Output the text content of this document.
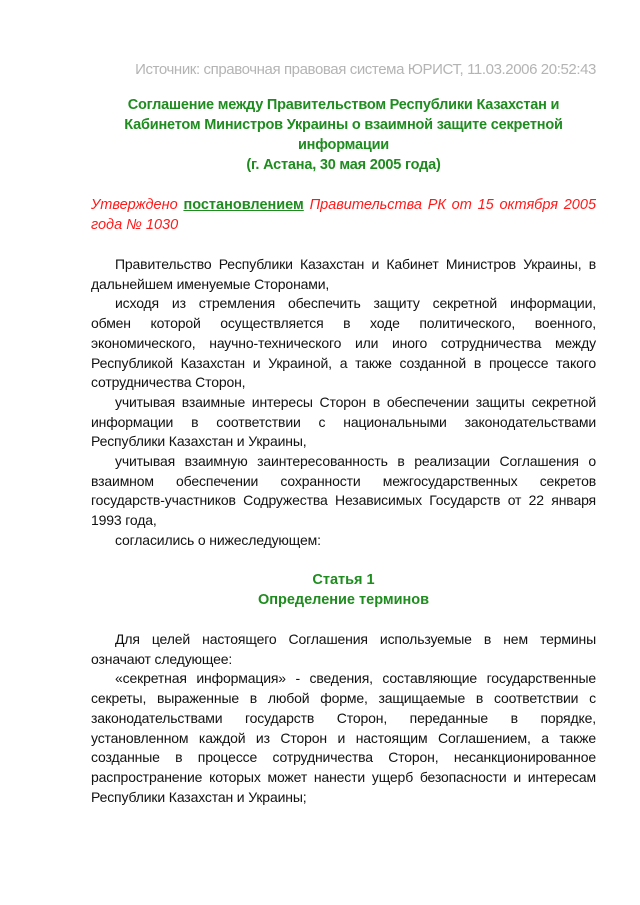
Источник: справочная правовая система ЮРИСТ, 11.03.2006 20:52:43
Соглашение между Правительством Республики Казахстан и
Кабинетом Министров Украины о взаимной защите секретной
информации
(г. Астана, 30 мая 2005 года)
Утверждено постановлением Правительства РК от 15 октября 2005
года № 1030
Правительство Республики Казахстан и Кабинет Министров Украины, в
дальнейшем именуемые Сторонами,
исходя из стремления обеспечить защиту секретной информации,
обмен которой осуществляется в ходе политического, военного,
экономического, научно-технического или иного сотрудничества между
Республикой Казахстан и Украиной, а также созданной в процессе такого
сотрудничества Сторон,
учитывая взаимные интересы Сторон в обеспечении защиты секретной
информации в соответствии с национальными законодательствами
Республики Казахстан и Украины,
учитывая взаимную заинтересованность в реализации Соглашения о
взаимном обеспечении сохранности межгосударственных секретов
государств-участников Содружества Независимых Государств от 22 января
1993 года,
согласились о нижеследующем:
Статья 1
Определение терминов
Для целей настоящего Соглашения используемые в нем термины
означают следующее:
«секретная информация» - сведения, составляющие государственные
секреты, выраженные в любой форме, защищаемые в соответствии с
законодательствами государств Сторон, переданные в порядке,
установленном каждой из Сторон и настоящим Соглашением, а также
созданные в процессе сотрудничества Сторон, несанкционированное
распространение которых может нанести ущерб безопасности и интересам
Республики Казахстан и Украины;
